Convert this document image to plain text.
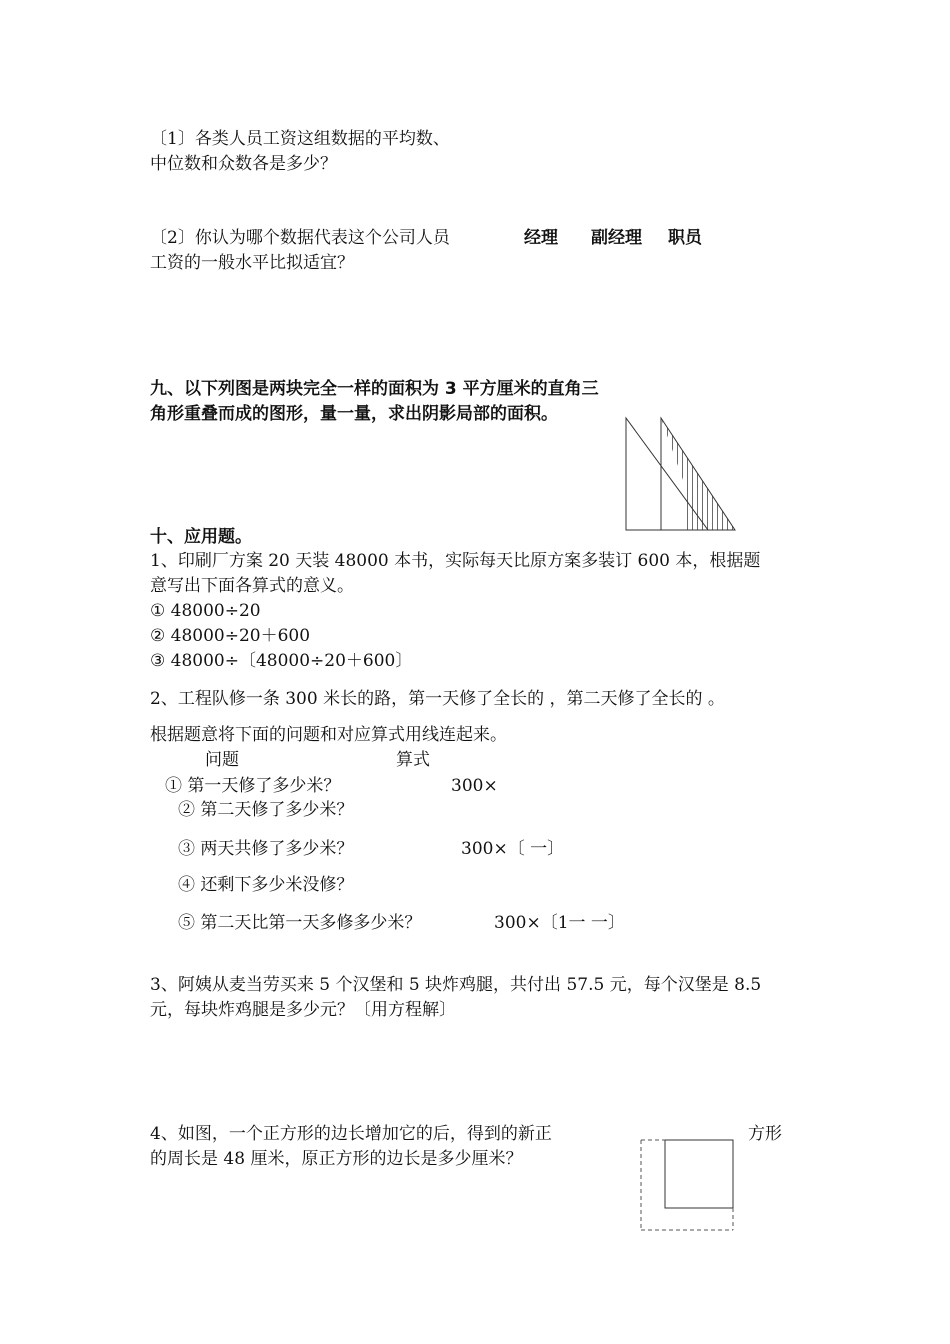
〔1〕各类人员工资这组数据的平均数、
中位数和众数各是多少？
〔2〕你认为哪个数据代表这个公司人员
工资的一般水平比拟适宜？
经理 副经理 职员
九、以下列图是两块完全一样的面积为 3 平方厘米的直角三
角形重叠而成的图形，量一量，求出阴影局部的面积。
十、应用题。
1、印刷厂方案 20 天装 48000 本书，实际每天比原方案多装订 600 本，根据题
意写出下面各算式的意义。
① 48000÷20
② 48000÷20＋600
③ 48000÷〔48000÷20＋600〕
2、工程队修一条 300 米长的路，第一天修了全长的 ，第二天修了全长的 。
根据题意将下面的问题和对应算式用线连起来。
问题	算式
① 第一天修了多少米？
② 第二天修了多少米？
③ 两天共修了多少米？
④ 还剩下多少米没修？
⑤ 第二天比第一天多修多少米？
300×
300×〔 一〕
300×〔1一 一〕
3、阿姨从麦当劳买来 5 个汉堡和 5 块炸鸡腿，共付出 57.5 元，每个汉堡是 8.5
元，每块炸鸡腿是多少元？〔用方程解〕
4、如图，一个正方形的边长增加它的后，得到的新正	方形
的周长是 48 厘米，原正方形的边长是多少厘米？
